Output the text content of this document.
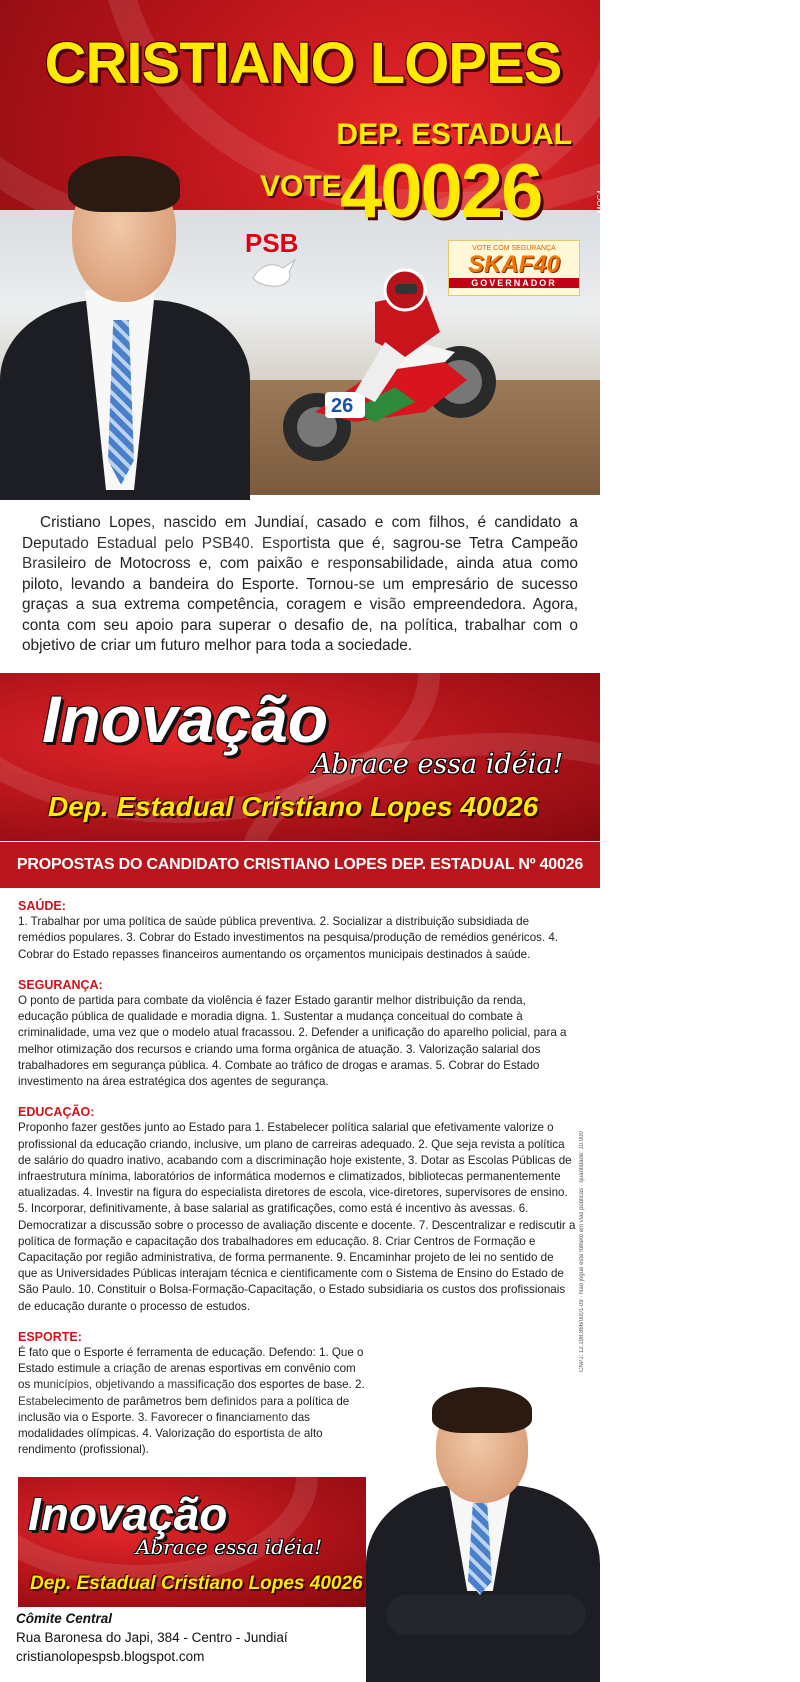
CRISTIANO LOPES
DEP. ESTADUAL
VOTE
40026	MOC4
PSB	VOTE COM SEGURANÇA
SKAF40
GOVERNADOR
26

Cristiano Lopes, nascido em Jundiaí, casado e com filhos, é candidato a Deputado Estadual pelo PSB40. Esportista que é, sagrou-se Tetra Campeão Brasileiro de Motocross e, com paixão e responsabilidade, ainda atua como piloto, levando a bandeira do Esporte. Tornou-se um empresário de sucesso graças a sua extrema competência, coragem e visão empreendedora. Agora, conta com seu apoio para superar o desafio de, na política, trabalhar com o objetivo de criar um futuro melhor para toda a sociedade.

Inovação
Abrace essa idéia!
Dep. Estadual Cristiano Lopes 40026
PROPOSTAS DO CANDIDATO CRISTIANO LOPES DEP. ESTADUAL Nº 40026
SAÚDE:
1. Trabalhar por uma política de saúde pública preventiva. 2. Socializar a distribuição subsidiada de remédios populares. 3. Cobrar do Estado investimentos na pesquisa/produção de remédios genéricos. 4. Cobrar do Estado repasses financeiros aumentando os orçamentos municipais destinados à saúde.
SEGURANÇA:
O ponto de partida para combate da violência é fazer Estado garantir melhor distribuição da renda, educação pública de qualidade e moradia digna. 1. Sustentar a mudança conceitual do combate à criminalidade, uma vez que o modelo atual fracassou. 2. Defender a unificação do aparelho policial, para a melhor otimização dos recursos e criando uma forma orgânica de atuação. 3. Valorização salarial dos trabalhadores em segurança pública. 4. Combate ao tráfico de drogas e aramas. 5. Cobrar do Estado investimento na área estratégica dos agentes de segurança.
EDUCAÇÃO:
Proponho fazer gestões junto ao Estado para 1. Estabelecer política salarial que efetivamente valorize o profissional da educação criando, inclusive, um plano de carreiras adequado. 2. Que seja revista a política de salário do quadro inativo, acabando com a discriminação hoje existente, 3. Dotar as Escolas Públicas de infraestrutura mínima, laboratórios de informática modernos e climatizados, bibliotecas permanentemente atualizadas. 4. Investir na figura do especialista diretores de escola, vice-diretores, supervisores de ensino. 5. Incorporar, definitivamente, à base salarial as gratificações, como está é incentivo às avessas. 6. Democratizar a discussão sobre o processo de avaliação discente e docente. 7. Descentralizar e rediscutir a política de formação e capacitação dos trabalhadores em educação. 8. Criar Centros de Formação e Capacitação por região administrativa, de forma permanente. 9. Encaminhar projeto de lei no sentido de que as Universidades Públicas interajam técnica e cientificamente com o Sistema de Ensino do Estado de São Paulo. 10. Constituir o Bolsa-Formação-Capacitação, o Estado subsidiaria os custos dos profissionais de educação durante o processo de estudos.
ESPORTE:
É fato que o Esporte é ferramenta de educação. Defendo: 1. Que o Estado estimule a criação de arenas esportivas em convênio com os municípios, objetivando a massificação dos esportes de base. 2. Estabelecimento de parâmetros bem definidos para a política de inclusão via o Esporte. 3. Favorecer o financiamento das modalidades olímpicas. 4. Valorização do esportista de alto rendimento (profissional).
CNPJ: 12.198.866/0001-09 · Não jogue este folheto em vias públicas · quantidade: 10.000
Inovação
Abrace essa idéia!
Dep. Estadual Cristiano Lopes 40026
Cômite Central
Rua Baronesa do Japi, 384 - Centro - Jundiaí
cristianolopespsb.blogspot.com
